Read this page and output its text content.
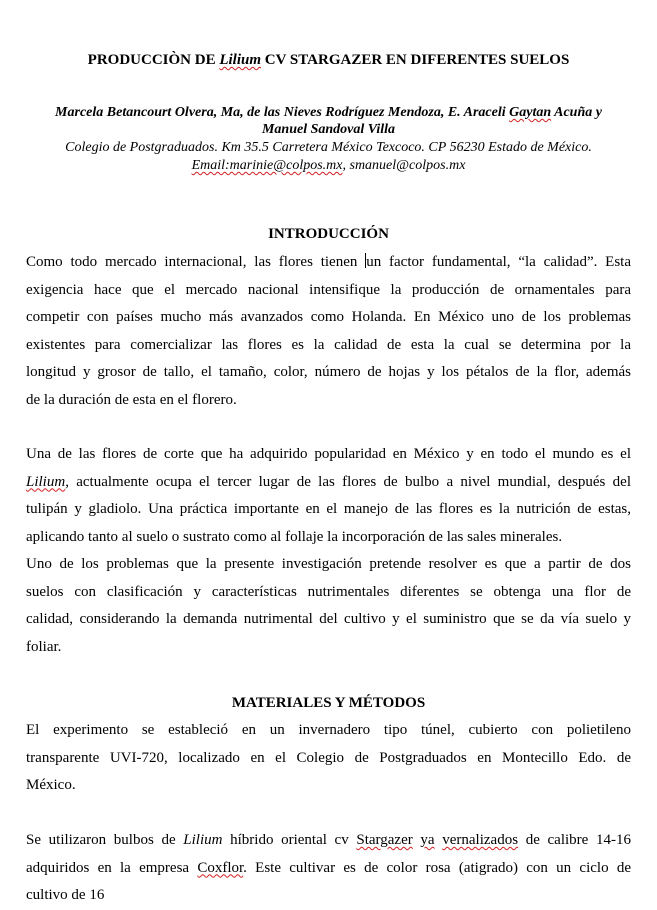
PRODUCCIÒN DE Lilium CV STARGAZER EN DIFERENTES SUELOS
Marcela Betancourt Olvera, Ma, de las Nieves Rodríguez Mendoza, E. Araceli Gaytan Acuña y
Manuel Sandoval Villa
Colegio de Postgraduados. Km 35.5 Carretera México Texcoco. CP 56230 Estado de México.
Email:marinie@colpos.mx, smanuel@colpos.mx
INTRODUCCIÓN
Como todo mercado internacional, las flores tienen un factor fundamental, “la calidad”. Esta
exigencia hace que el mercado nacional intensifique la producción de ornamentales para
competir con países mucho más avanzados como Holanda. En México uno de los problemas
existentes para comercializar las flores es la calidad de esta la cual se determina por la
longitud y grosor de tallo, el tamaño, color, número de hojas y los pétalos de la flor, además
de la duración de esta en el florero.
Una de las flores de corte que ha adquirido popularidad en México y en todo el mundo es el
Lilium, actualmente ocupa el tercer lugar de las flores de bulbo a nivel mundial, después del
tulipán y gladiolo. Una práctica importante en el manejo de las flores es la nutrición de estas,
aplicando tanto al suelo o sustrato como al follaje la incorporación de las sales minerales.
Uno de los problemas que la presente investigación pretende resolver es que a partir de dos
suelos con clasificación y características nutrimentales diferentes se obtenga una flor de
calidad, considerando la demanda nutrimental del cultivo y el suministro que se da vía suelo y
foliar.
MATERIALES Y MÉTODOS
El experimento se estableció en un invernadero tipo túnel, cubierto con polietileno
transparente UVI-720, localizado en el Colegio de Postgraduados en Montecillo Edo. de
México.
Se utilizaron bulbos de Lilium híbrido oriental cv Stargazer ya vernalizados de calibre 14-16
adquiridos en la empresa Coxflor. Este cultivar es de color rosa (atigrado) con un ciclo de
cultivo de 16
